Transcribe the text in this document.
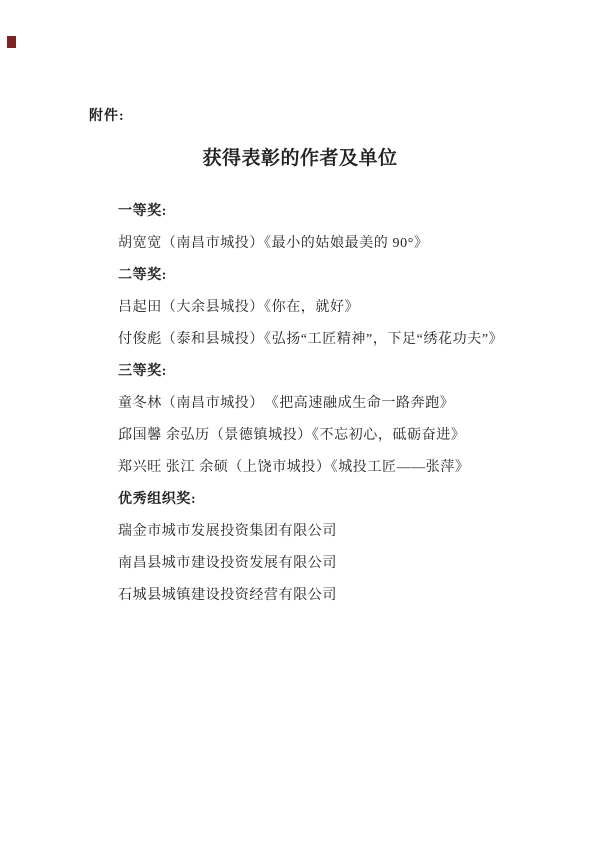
附件:
获得表彰的作者及单位
一等奖:
胡宽宽（南昌市城投）《最小的姑娘最美的 90°》
二等奖:
吕起田（大余县城投）《你在，就好》
付俊彪（泰和县城投）《弘扬“工匠精神”，下足“绣花功夫”》
三等奖:
童冬林（南昌市城投）　《把高速融成生命一路奔跑》
邱国馨 余弘历（景德镇城投）《不忘初心，砥砺奋进》
郑兴旺 张江 余硕（上饶市城投）《城投工匠——张萍》
优秀组织奖:
瑞金市城市发展投资集团有限公司
南昌县城市建设投资发展有限公司
石城县城镇建设投资经营有限公司
